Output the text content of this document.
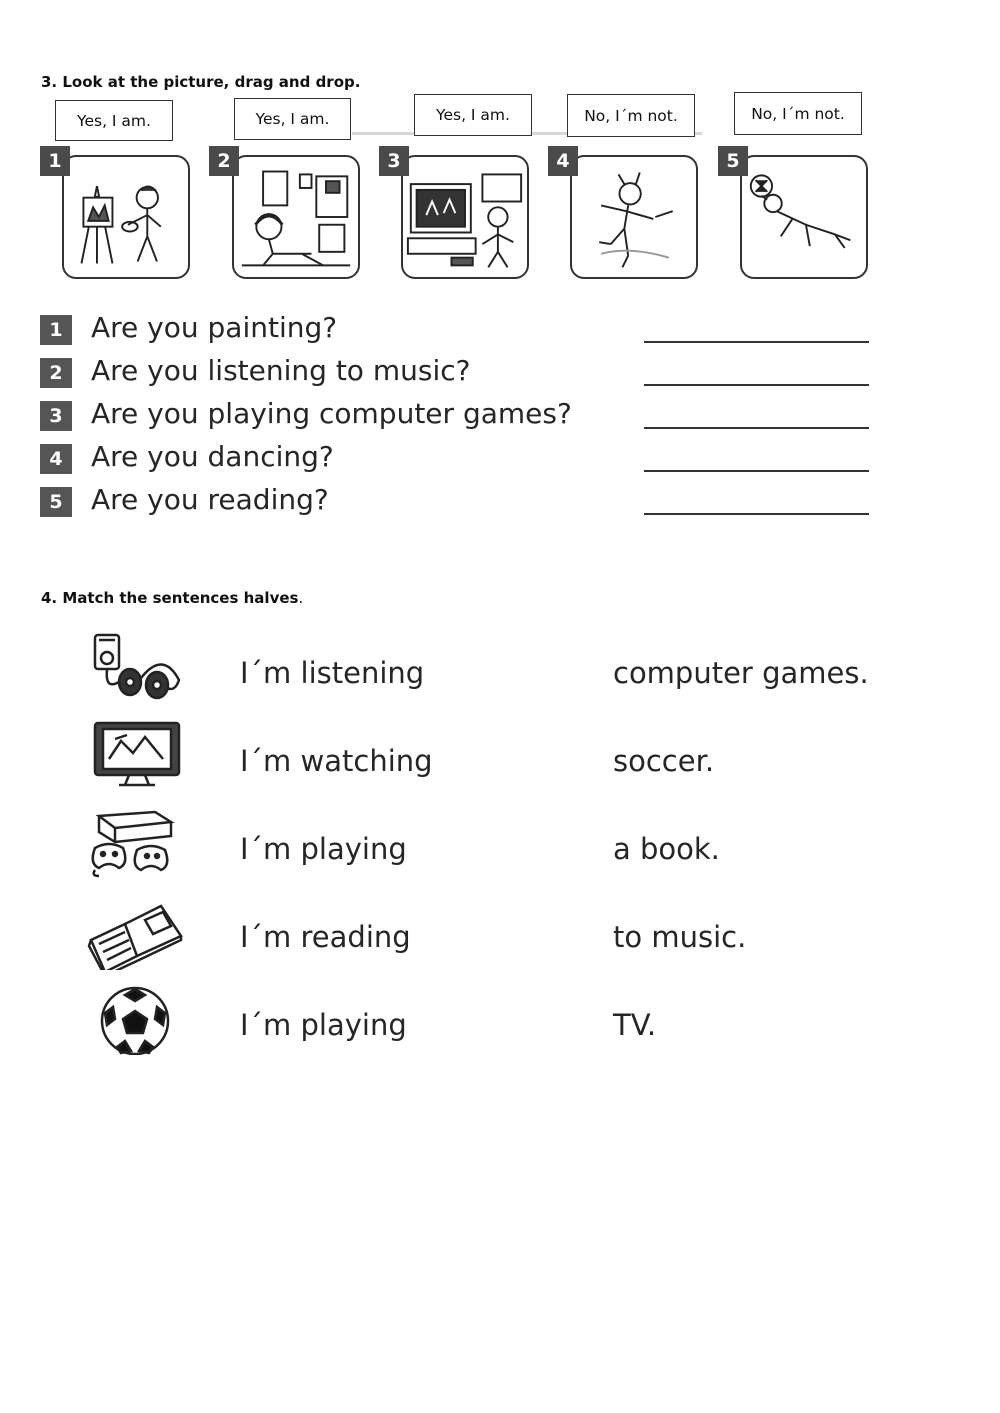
3. Look at the picture, drag and drop.
Yes, I am.	Yes, I am.	Yes, I am.	No, I´m not.	No, I´m not.
1	2	3	4	5
1	Are you painting?
2	Are you listening to music?
3	Are you playing computer games?
4	Are you dancing?
5	Are you reading?
4. Match the sentences halves.
I´m listening	computer games.
I´m watching	soccer.
I´m playing	a book.
I´m reading	to music.
I´m playing	TV.
